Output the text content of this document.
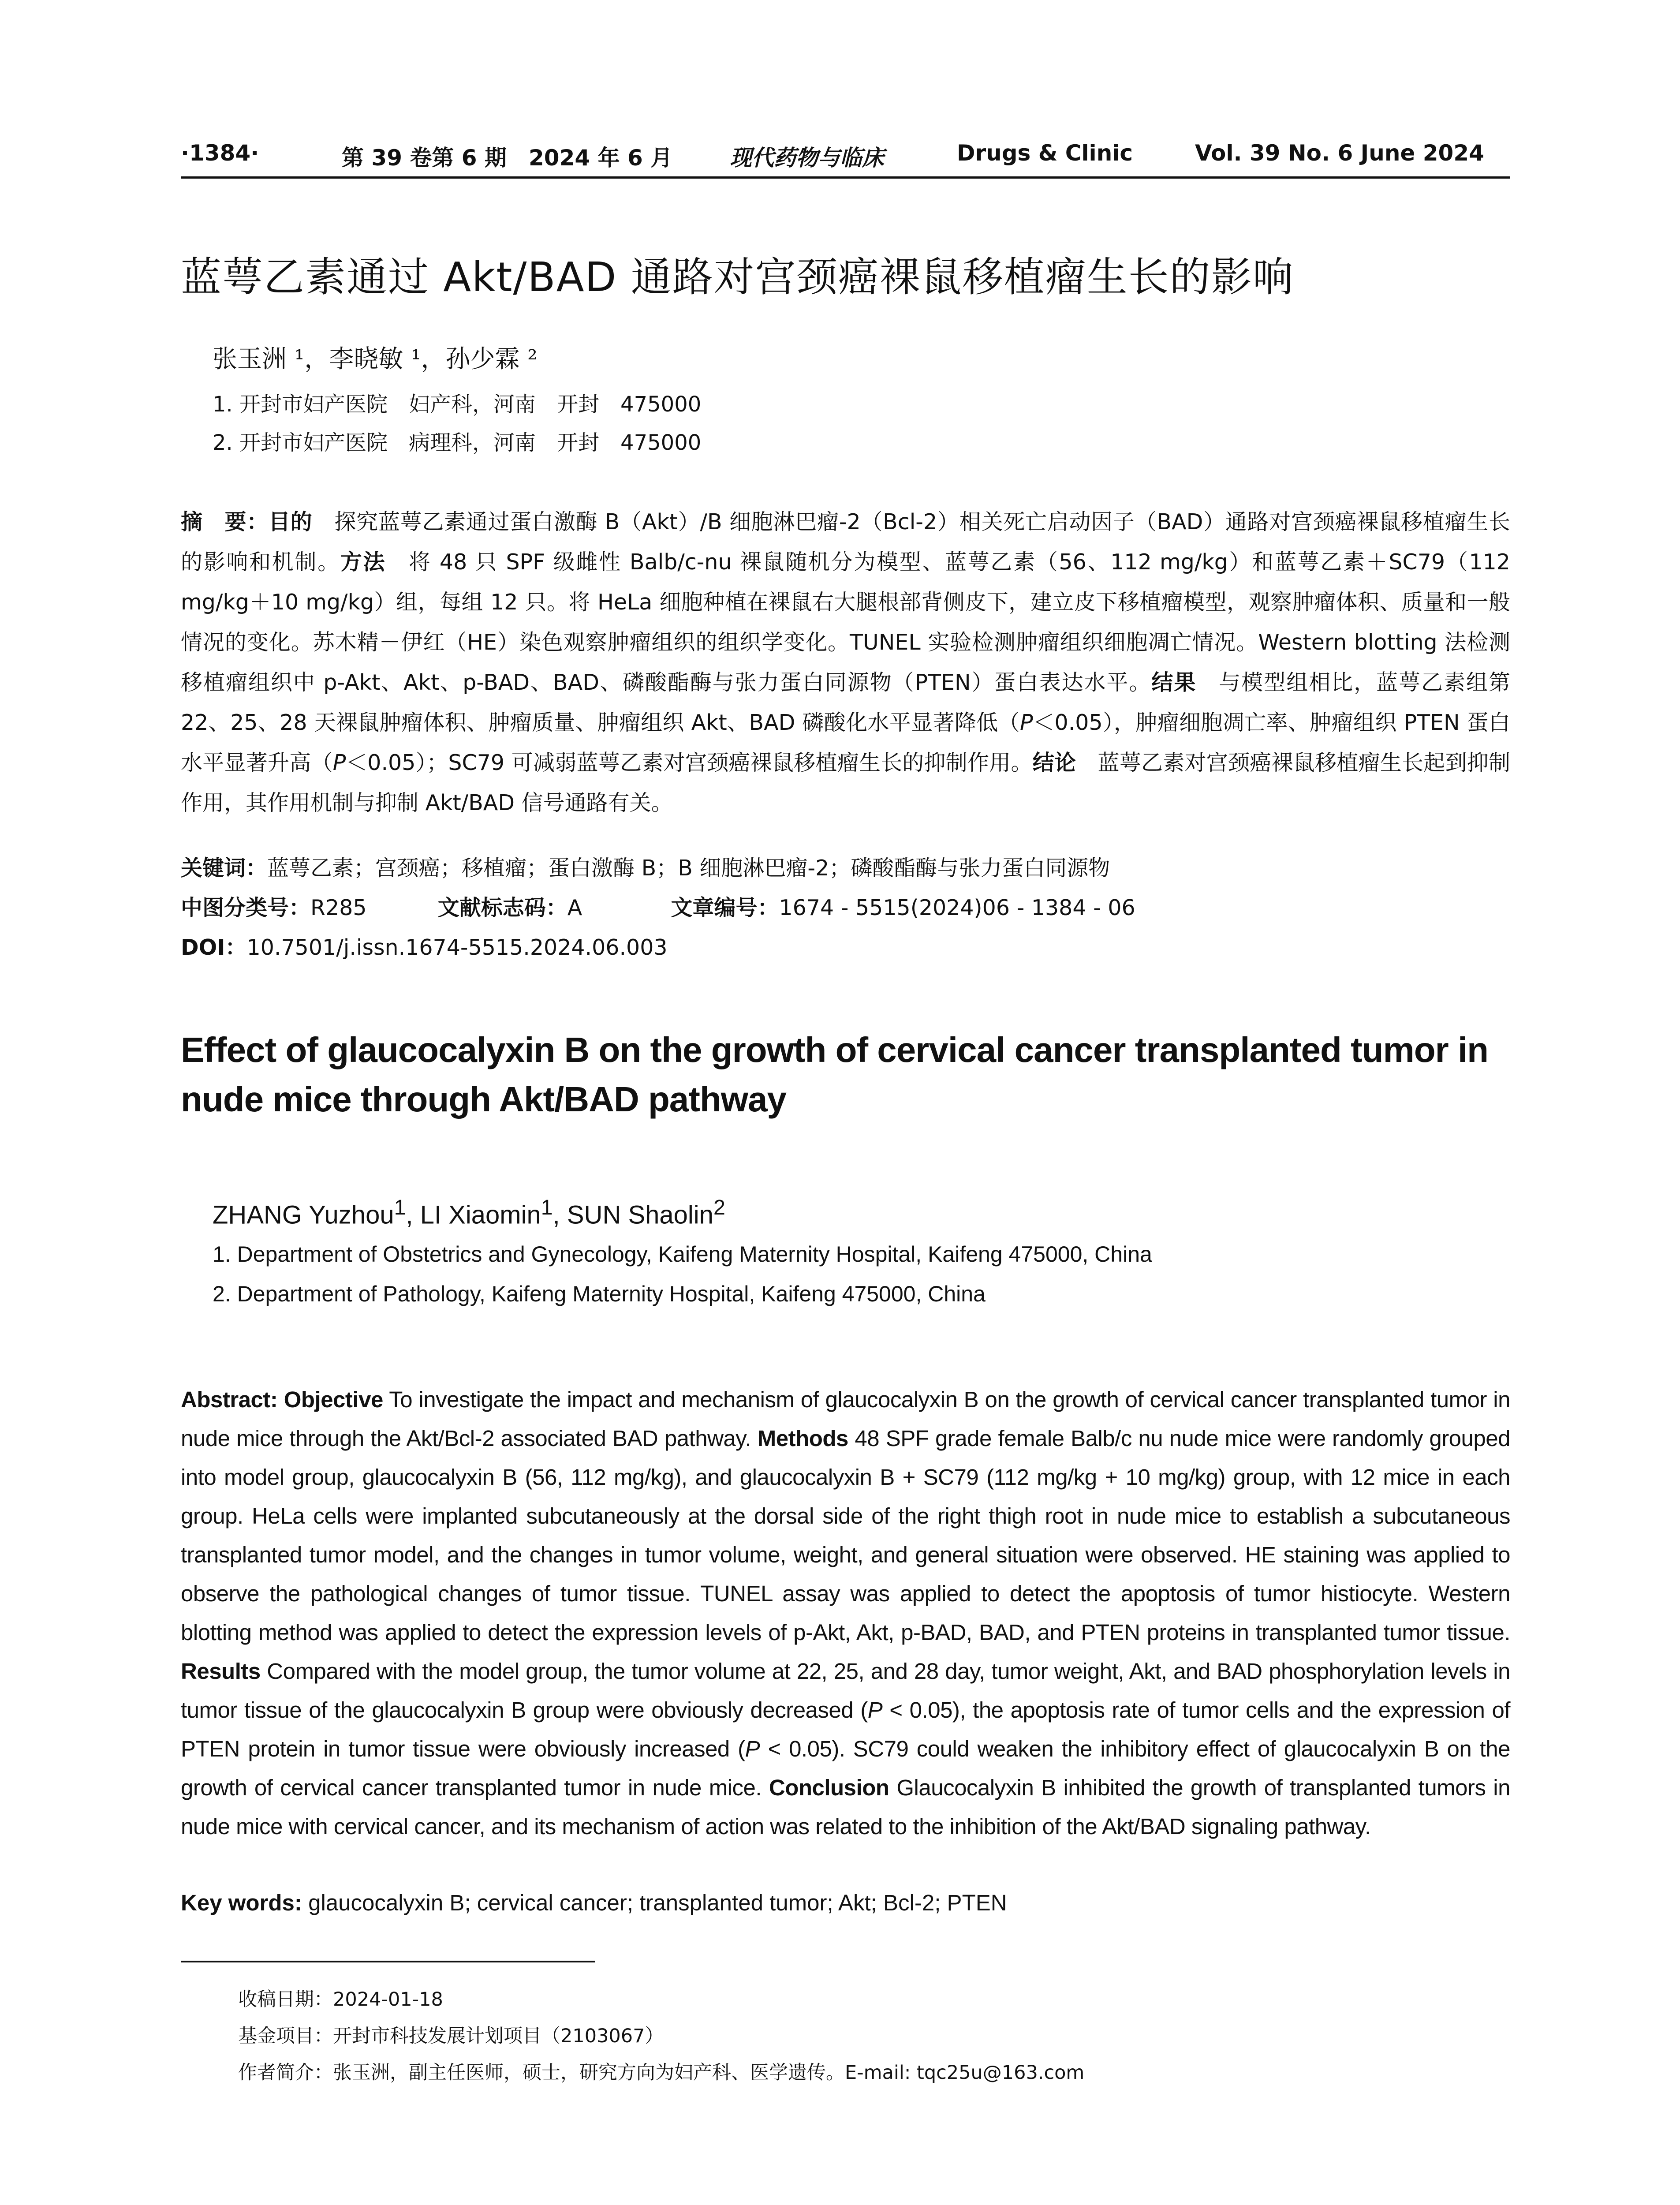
·1384·	第 39 卷第 6 期　2024 年 6 月	现代药物与临床	Drugs & Clinic	Vol. 39 No. 6 June 2024
蓝萼乙素通过 Akt/BAD 通路对宫颈癌裸鼠移植瘤生长的影响
张玉洲 ¹，李晓敏 ¹，孙少霖 ²
1. 开封市妇产医院　妇产科，河南　开封　475000
2. 开封市妇产医院　病理科，河南　开封　475000
摘　要：目的　探究蓝萼乙素通过蛋白激酶 B（Akt）/B 细胞淋巴瘤-2（Bcl-2）相关死亡启动因子（BAD）通路对宫颈癌裸鼠移植瘤生长的影响和机制。方法　将 48 只 SPF 级雌性 Balb/c-nu 裸鼠随机分为模型、蓝萼乙素（56、112 mg/kg）和蓝萼乙素＋SC79（112 mg/kg＋10 mg/kg）组，每组 12 只。将 HeLa 细胞种植在裸鼠右大腿根部背侧皮下，建立皮下移植瘤模型，观察肿瘤体积、质量和一般情况的变化。苏木精－伊红（HE）染色观察肿瘤组织的组织学变化。TUNEL 实验检测肿瘤组织细胞凋亡情况。Western blotting 法检测移植瘤组织中 p-Akt、Akt、p-BAD、BAD、磷酸酯酶与张力蛋白同源物（PTEN）蛋白表达水平。结果　与模型组相比，蓝萼乙素组第 22、25、28 天裸鼠肿瘤体积、肿瘤质量、肿瘤组织 Akt、BAD 磷酸化水平显著降低（P＜0.05），肿瘤细胞凋亡率、肿瘤组织 PTEN 蛋白水平显著升高（P＜0.05）；SC79 可减弱蓝萼乙素对宫颈癌裸鼠移植瘤生长的抑制作用。结论　蓝萼乙素对宫颈癌裸鼠移植瘤生长起到抑制作用，其作用机制与抑制 Akt/BAD 信号通路有关。
关键词：蓝萼乙素；宫颈癌；移植瘤；蛋白激酶 B；B 细胞淋巴瘤-2；磷酸酯酶与张力蛋白同源物
中图分类号：R285	文献标志码：A	文章编号：1674 - 5515(2024)06 - 1384 - 06
DOI：10.7501/j.issn.1674-5515.2024.06.003
Effect of glaucocalyxin B on the growth of cervical cancer transplanted tumor in nude mice through Akt/BAD pathway
ZHANG Yuzhou$^1$, LI Xiaomin$^1$, SUN Shaolin$^2$
1. Department of Obstetrics and Gynecology, Kaifeng Maternity Hospital, Kaifeng 475000, China
2. Department of Pathology, Kaifeng Maternity Hospital, Kaifeng 475000, China
Abstract: Objective To investigate the impact and mechanism of glaucocalyxin B on the growth of cervical cancer transplanted tumor in nude mice through the Akt/Bcl-2 associated BAD pathway. Methods 48 SPF grade female Balb/c nu nude mice were randomly grouped into model group, glaucocalyxin B (56, 112 mg/kg), and glaucocalyxin B + SC79 (112 mg/kg + 10 mg/kg) group, with 12 mice in each group. HeLa cells were implanted subcutaneously at the dorsal side of the right thigh root in nude mice to establish a subcutaneous transplanted tumor model, and the changes in tumor volume, weight, and general situation were observed. HE staining was applied to observe the pathological changes of tumor tissue. TUNEL assay was applied to detect the apoptosis of tumor histiocyte. Western blotting method was applied to detect the expression levels of p-Akt, Akt, p-BAD, BAD, and PTEN proteins in transplanted tumor tissue. Results Compared with the model group, the tumor volume at 22, 25, and 28 day, tumor weight, Akt, and BAD phosphorylation levels in tumor tissue of the glaucocalyxin B group were obviously decreased (P < 0.05), the apoptosis rate of tumor cells and the expression of PTEN protein in tumor tissue were obviously increased (P < 0.05). SC79 could weaken the inhibitory effect of glaucocalyxin B on the growth of cervical cancer transplanted tumor in nude mice. Conclusion Glaucocalyxin B inhibited the growth of transplanted tumors in nude mice with cervical cancer, and its mechanism of action was related to the inhibition of the Akt/BAD signaling pathway.
Key words: glaucocalyxin B; cervical cancer; transplanted tumor; Akt; Bcl-2; PTEN
收稿日期：2024-01-18
基金项目：开封市科技发展计划项目（2103067）
作者简介：张玉洲，副主任医师，硕士，研究方向为妇产科、医学遗传。E-mail: tqc25u@163.com
